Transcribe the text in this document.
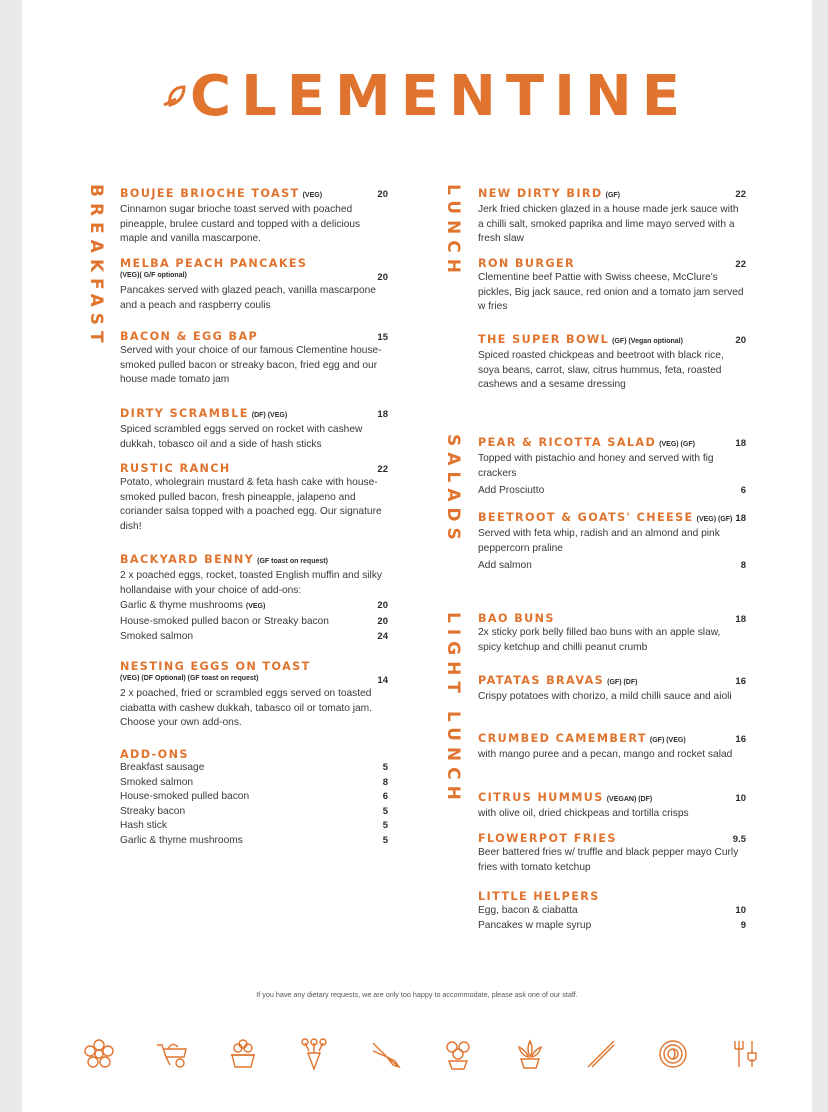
CLEMENTINE
BREAKFAST	LUNCH
SALADS
LIGHT LUNCH
BOUJEE BRIOCHE TOAST (VEG)	20
Cinnamon sugar brioche toast served with poached pineapple, brulee custard and topped with a delicious maple and vanilla mascarpone.
MELBA PEACH PANCAKES
(VEG)( G/F optional)	20
Pancakes served with glazed peach, vanilla mascarpone and a peach and raspberry coulis
BACON & EGG BAP	15
Served with your choice of our famous Clementine house-smoked pulled bacon or streaky bacon, fried egg and our house made tomato jam
DIRTY SCRAMBLE (DF) (VEG)	18
Spiced scrambled eggs served on rocket with cashew dukkah, tobasco oil and a side of hash sticks
RUSTIC RANCH	22
Potato, wholegrain mustard & feta hash cake with house-smoked pulled bacon, fresh pineapple, jalapeno and coriander salsa topped with a poached egg. Our signature dish!
BACKYARD BENNY (GF toast on request)
2 x poached eggs, rocket, toasted English muffin and silky hollandaise with your choice of add-ons:
Garlic & thyme mushrooms (VEG)	20
House-smoked pulled bacon or Streaky bacon	20
Smoked salmon	24
NESTING EGGS ON TOAST
(VEG) (DF Optional) (GF toast on request)	14
2 x poached, fried or scrambled eggs served on toasted ciabatta with cashew dukkah, tabasco oil or tomato jam. Choose your own add-ons.
ADD-ONS
Breakfast sausage	5
Smoked salmon	8
House-smoked pulled bacon	6
Streaky bacon	5
Hash stick	5
Garlic & thyme mushrooms	5
NEW DIRTY BIRD (GF)	22
Jerk fried chicken glazed in a house made jerk sauce with a chilli salt, smoked paprika and lime mayo served with a fresh slaw
RON BURGER	22
Clementine beef Pattie with Swiss cheese, McClure's pickles, Big jack sauce, red onion and a tomato jam served w fries
THE SUPER BOWL (GF) (Vegan optional)	20
Spiced roasted chickpeas and beetroot with black rice, soya beans, carrot, slaw, citrus hummus, feta, roasted cashews and a sesame dressing
PEAR & RICOTTA SALAD (VEG) (GF)	18
Topped with pistachio and honey and served with fig crackers
Add Prosciutto	6
BEETROOT & GOATS' CHEESE (VEG) (GF) 18
Served with feta whip, radish and an almond and pink peppercorn praline
Add salmon	8
BAO BUNS	18
2x sticky pork belly filled bao buns with an apple slaw, spicy ketchup and chilli peanut crumb
PATATAS BRAVAS (GF) (DF)	16
Crispy potatoes with chorizo, a mild chilli sauce and aioli
CRUMBED CAMEMBERT (GF) (VEG)	16
with mango puree and a pecan, mango and rocket salad
CITRUS HUMMUS (VEGAN) (DF)	10
with olive oil, dried chickpeas and tortilla crisps
FLOWERPOT FRIES	9.5
Beer battered fries w/ truffle and black pepper mayo Curly fries with tomato ketchup
LITTLE HELPERS
Egg, bacon & ciabatta	10
Pancakes w maple syrup	9
If you have any dietary requests, we are only too happy to accommodate, please ask one of our staff.
